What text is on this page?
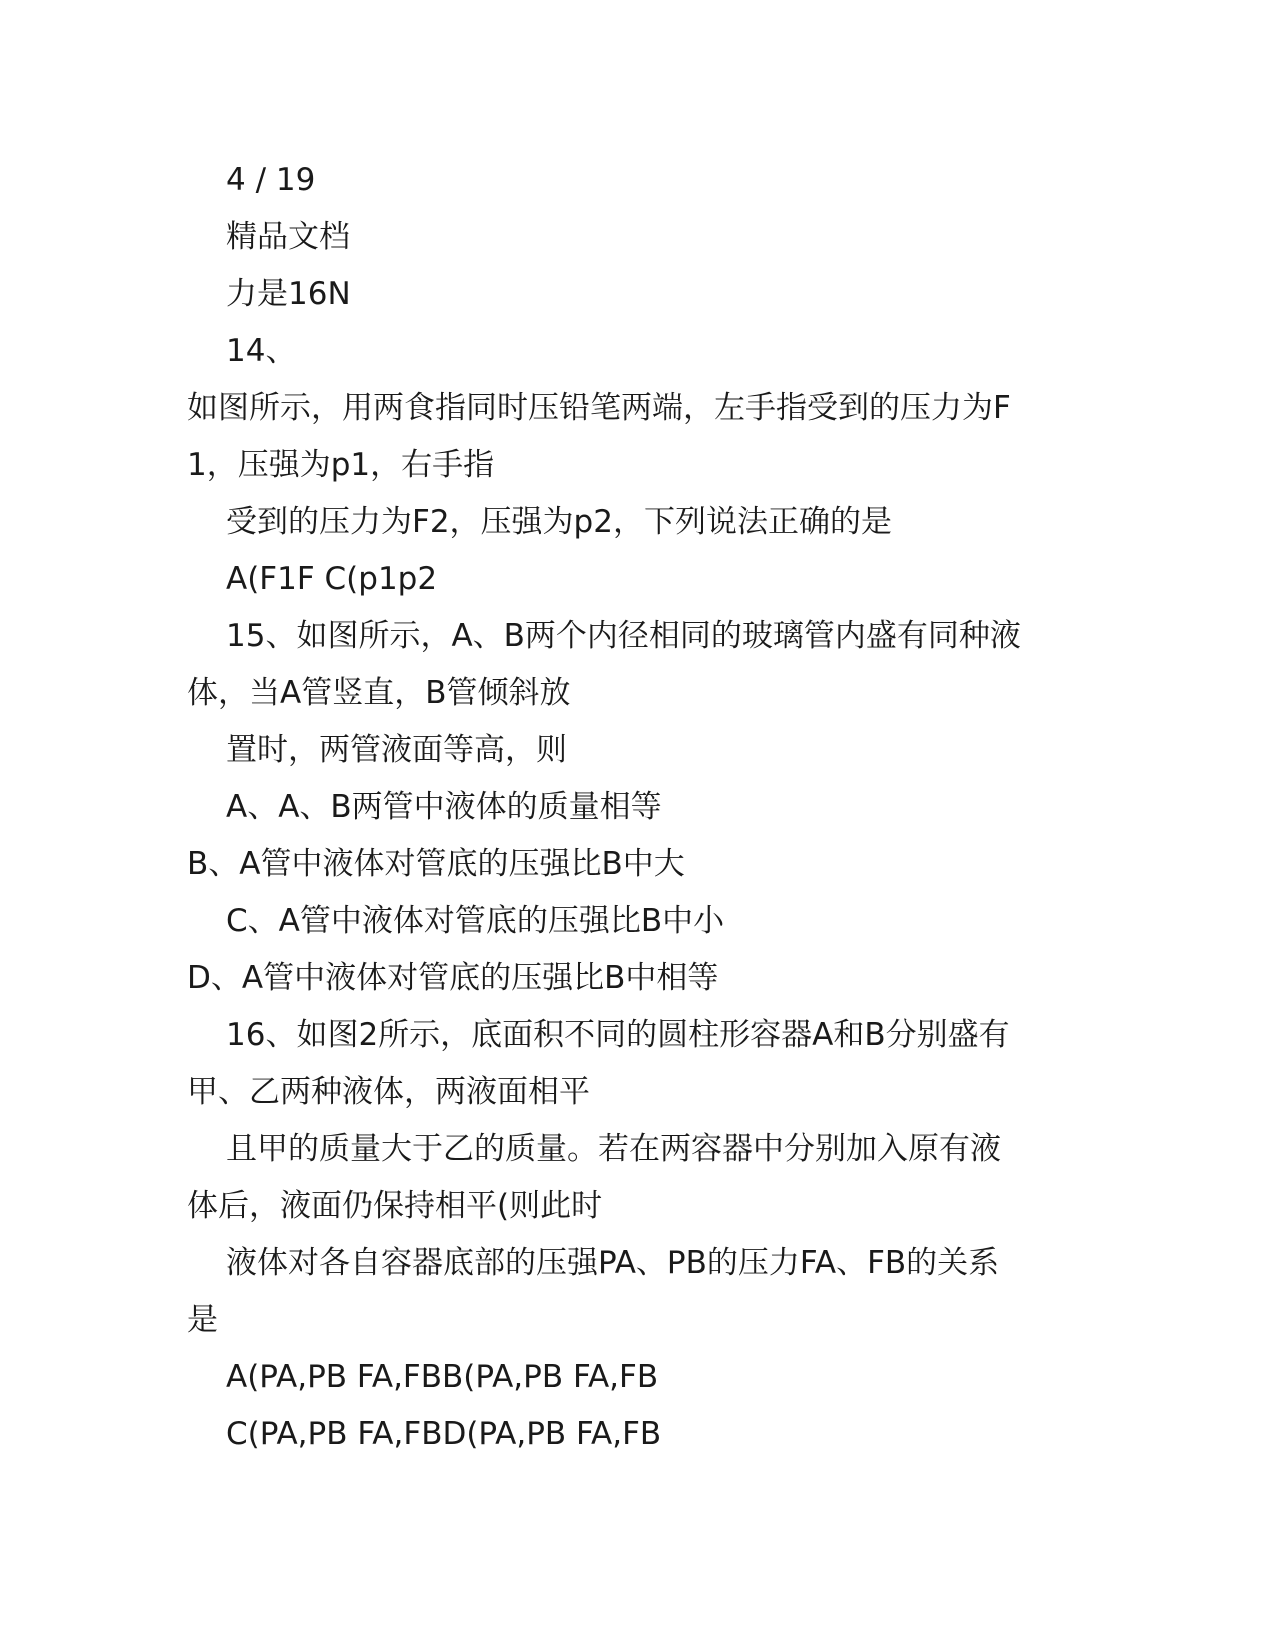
4 / 19
精品文档
力是16N
14、
如图所示，用两食指同时压铅笔两端，左手指受到的压力为F
1，压强为p1，右手指
受到的压力为F2，压强为p2，下列说法正确的是
A(F1F C(p1p2
15、如图所示，A、B两个内径相同的玻璃管内盛有同种液
体，当A管竖直，B管倾斜放
置时，两管液面等高，则
A、A、B两管中液体的质量相等
B、A管中液体对管底的压强比B中大
C、A管中液体对管底的压强比B中小
D、A管中液体对管底的压强比B中相等
16、如图2所示，底面积不同的圆柱形容器A和B分别盛有
甲、乙两种液体，两液面相平
且甲的质量大于乙的质量。若在两容器中分别加入原有液
体后，液面仍保持相平(则此时
液体对各自容器底部的压强PA、PB的压力FA、FB的关系
是
A(PA,PB FA,FBB(PA,PB FA,FB
C(PA,PB FA,FBD(PA,PB FA,FB
